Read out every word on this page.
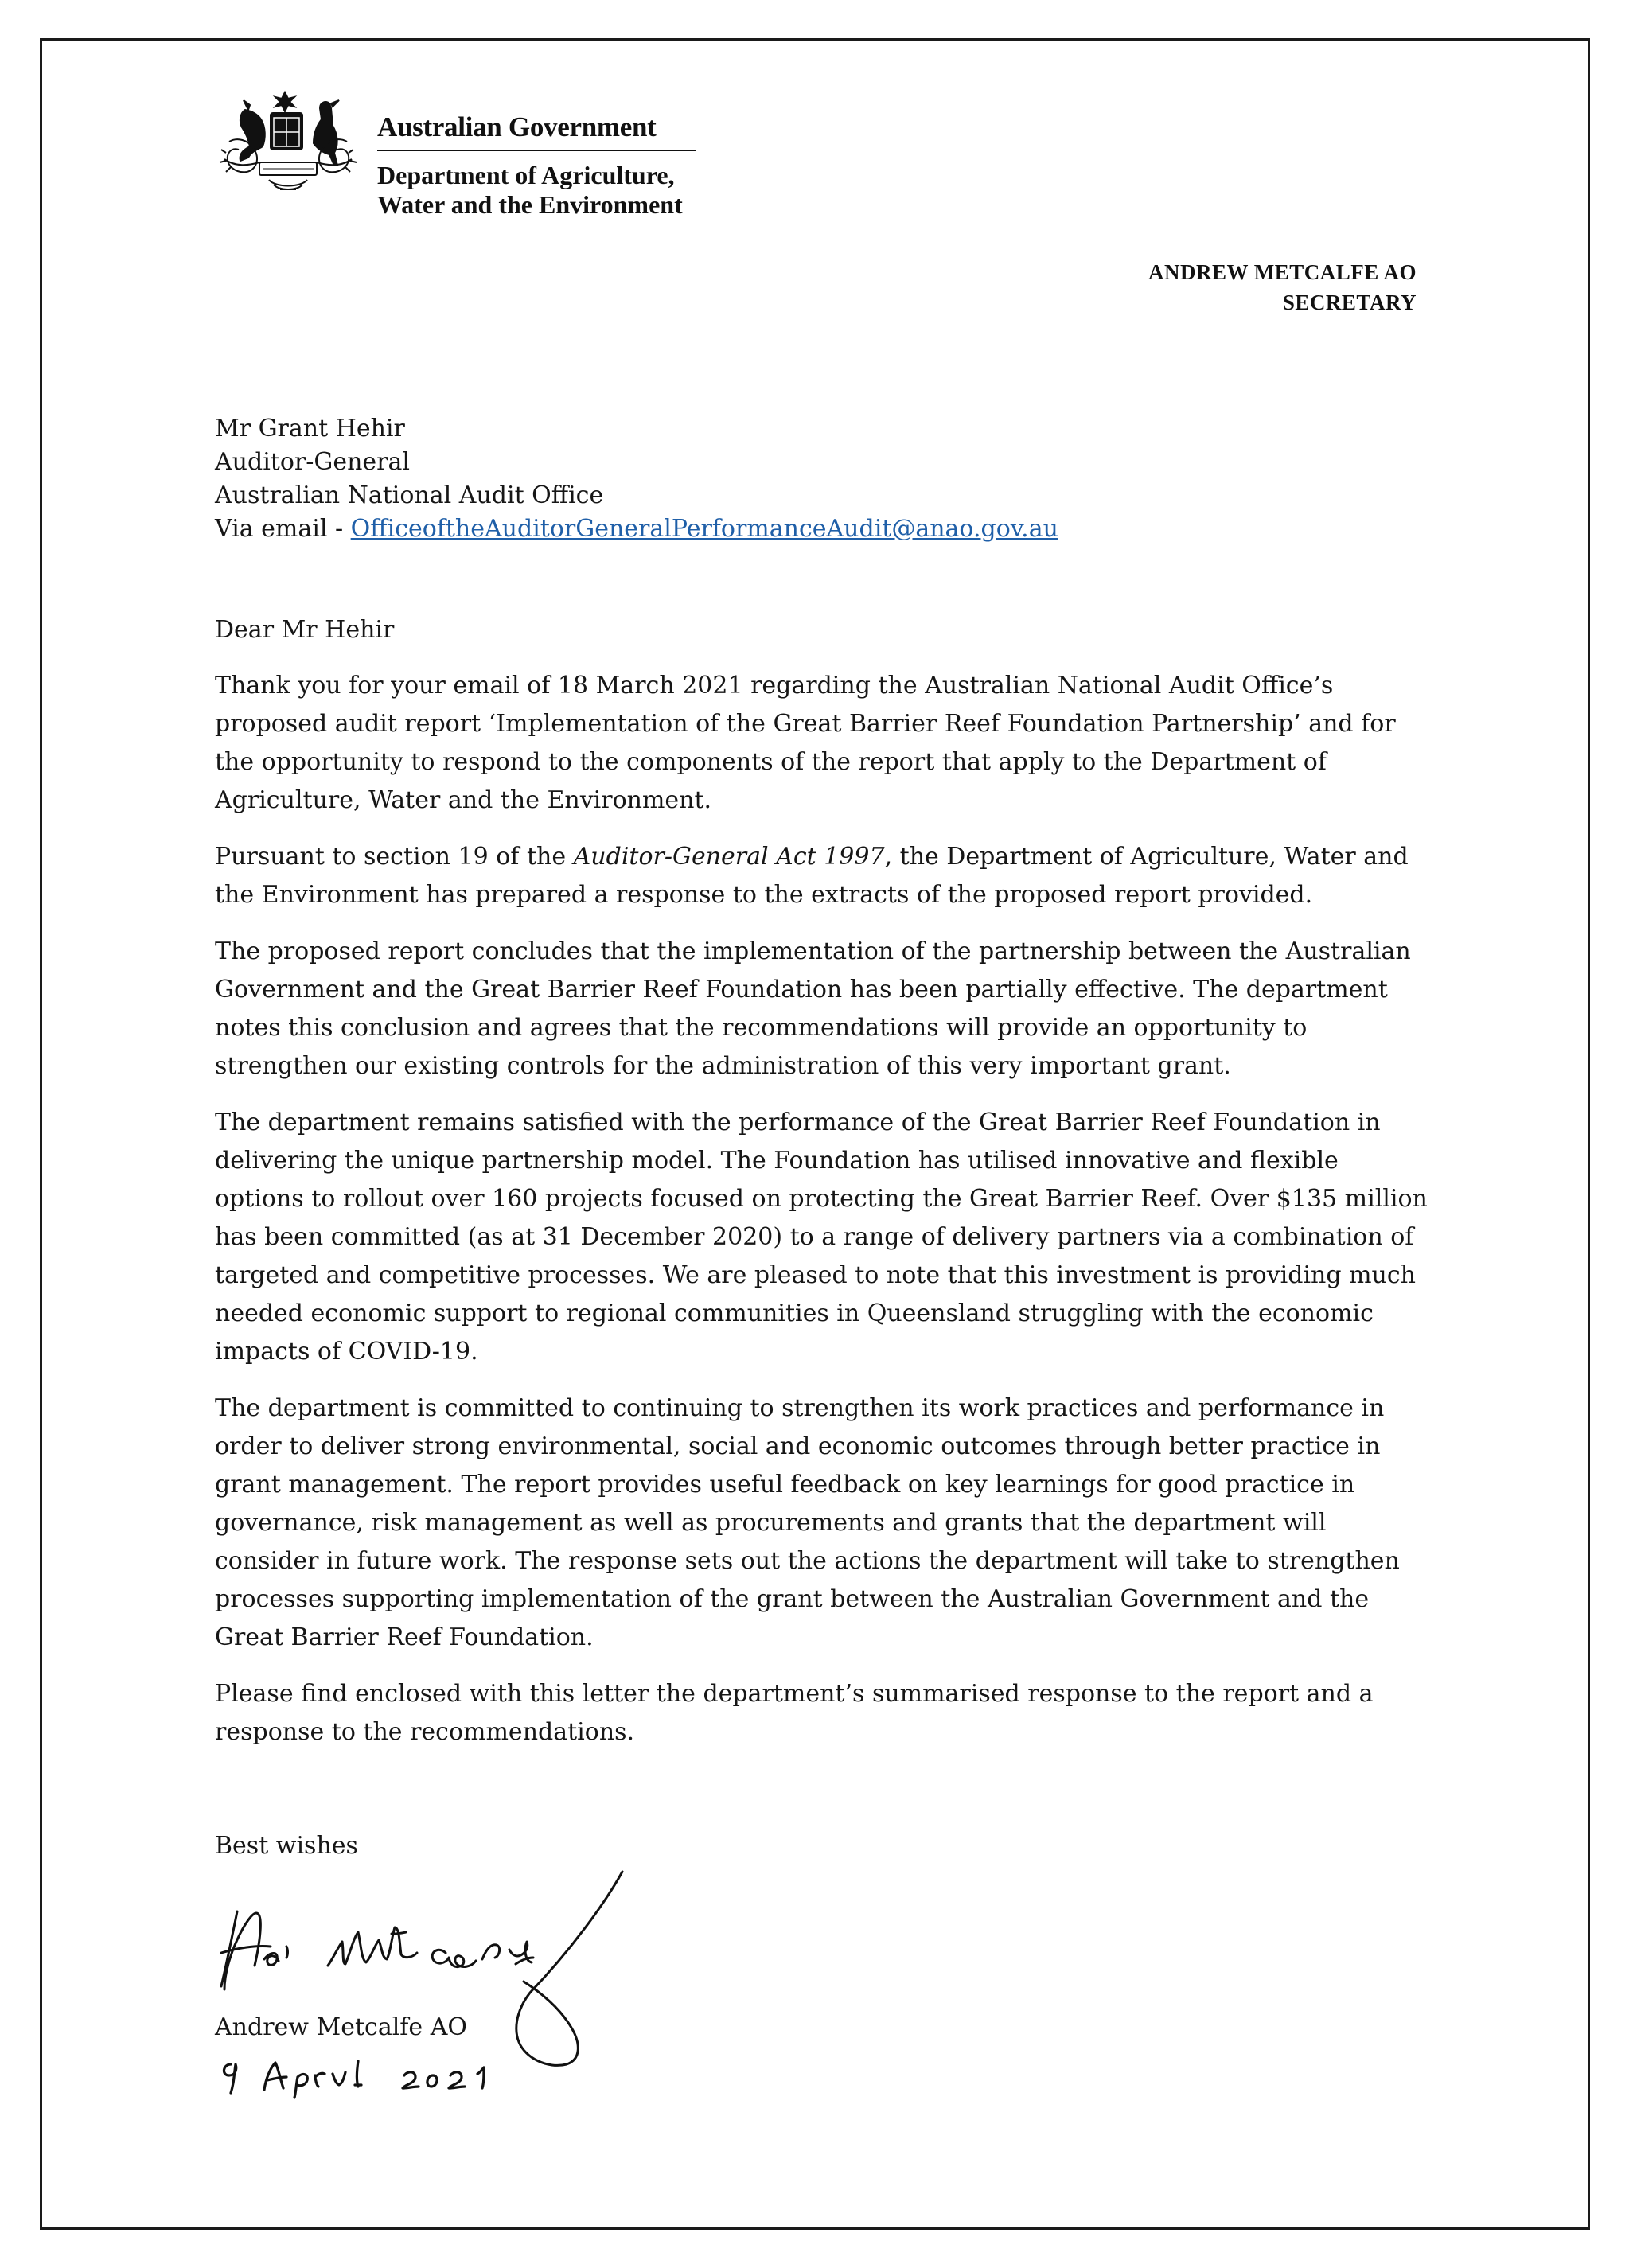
Australian Government
Department of Agriculture,
Water and the Environment
ANDREW METCALFE AO
SECRETARY
Mr Grant Hehir
Auditor-General
Australian National Audit Office
Via email - OfficeoftheAuditorGeneralPerformanceAudit@anao.gov.au
Dear Mr Hehir

Thank you for your email of 18 March 2021 regarding the Australian National Audit Office’s
proposed audit report ‘Implementation of the Great Barrier Reef Foundation Partnership’ and for
the opportunity to respond to the components of the report that apply to the Department of
Agriculture, Water and the Environment.

Pursuant to section 19 of the Auditor-General Act 1997, the Department of Agriculture, Water and
the Environment has prepared a response to the extracts of the proposed report provided.

The proposed report concludes that the implementation of the partnership between the Australian
Government and the Great Barrier Reef Foundation has been partially effective. The department
notes this conclusion and agrees that the recommendations will provide an opportunity to
strengthen our existing controls for the administration of this very important grant.

The department remains satisfied with the performance of the Great Barrier Reef Foundation in
delivering the unique partnership model. The Foundation has utilised innovative and flexible
options to rollout over 160 projects focused on protecting the Great Barrier Reef. Over $135 million
has been committed (as at 31 December 2020) to a range of delivery partners via a combination of
targeted and competitive processes. We are pleased to note that this investment is providing much
needed economic support to regional communities in Queensland struggling with the economic
impacts of COVID-19.

The department is committed to continuing to strengthen its work practices and performance in
order to deliver strong environmental, social and economic outcomes through better practice in
grant management. The report provides useful feedback on key learnings for good practice in
governance, risk management as well as procurements and grants that the department will
consider in future work. The response sets out the actions the department will take to strengthen
processes supporting implementation of the grant between the Australian Government and the
Great Barrier Reef Foundation.

Please find enclosed with this letter the department’s summarised response to the report and a
response to the recommendations.

Best wishes
Andrew Metcalfe AO
